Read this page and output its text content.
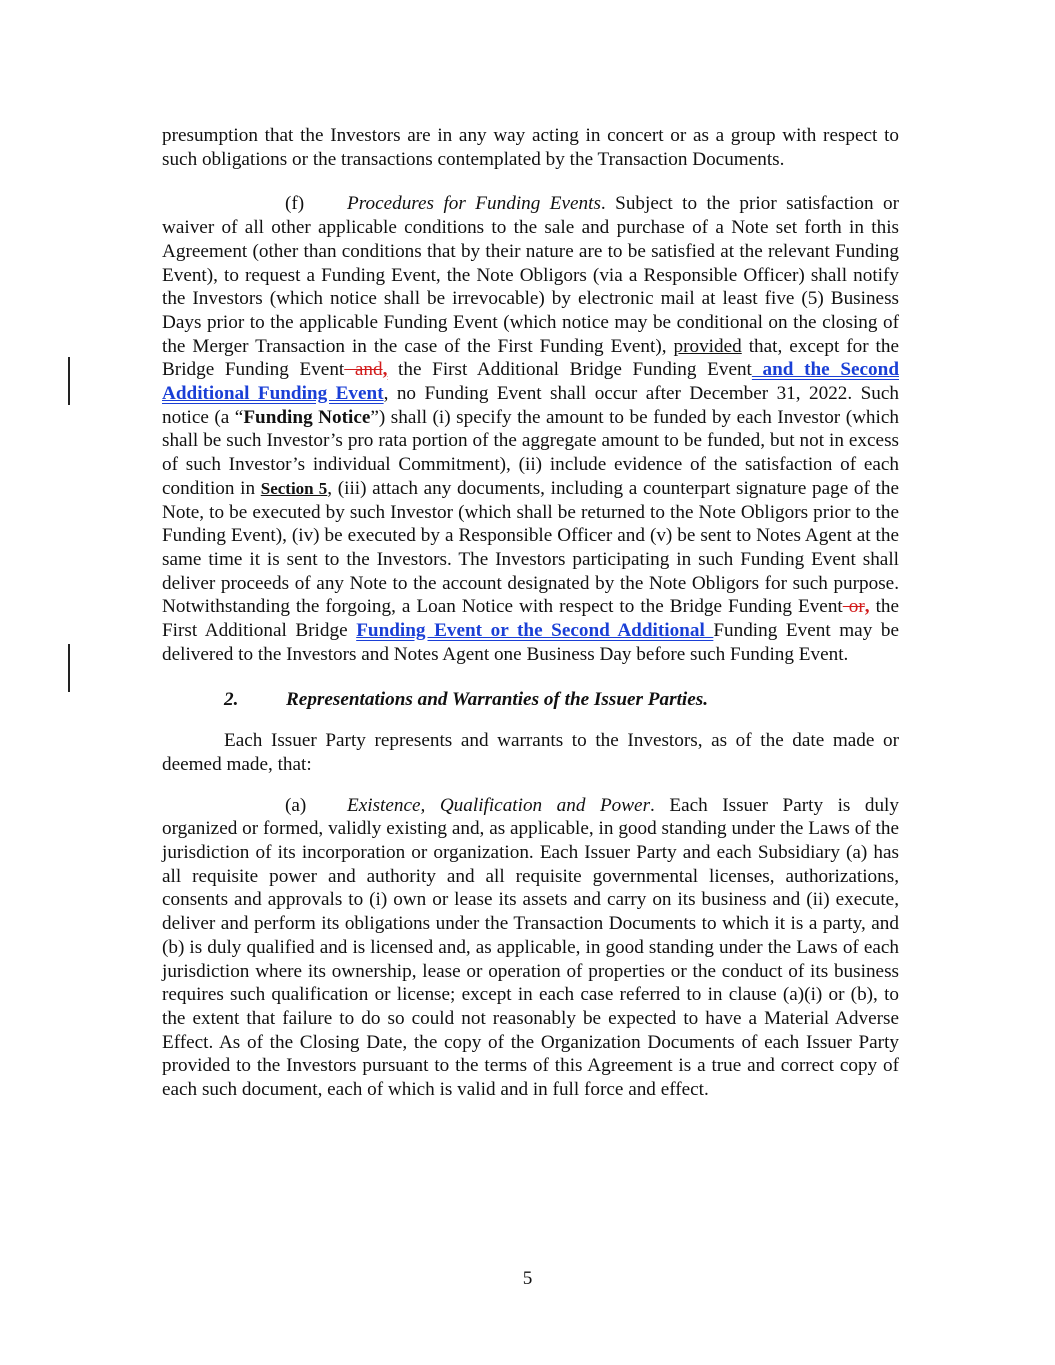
presumption that the Investors are in any way acting in concert or as a group with respect to such obligations or the transactions contemplated by the Transaction Documents.

(f) Procedures for Funding Events. Subject to the prior satisfaction or waiver of all other applicable conditions to the sale and purchase of a Note set forth in this Agreement (other than conditions that by their nature are to be satisfied at the relevant Funding Event), to request a Funding Event, the Note Obligors (via a Responsible Officer) shall notify the Investors (which notice shall be irrevocable) by electronic mail at least five (5) Business Days prior to the applicable Funding Event (which notice may be conditional on the closing of the Merger Transaction in the case of the First Funding Event), provided that, except for the Bridge Funding Event and, the First Additional Bridge Funding Event and the Second Additional Funding Event, no Funding Event shall occur after December 31, 2022. Such notice (a “Funding Notice”) shall (i) specify the amount to be funded by each Investor (which shall be such Investor’s pro rata portion of the aggregate amount to be funded, but not in excess of such Investor’s individual Commitment), (ii) include evidence of the satisfaction of each condition in Section 5, (iii) attach any documents, including a counterpart signature page of the Note, to be executed by such Investor (which shall be returned to the Note Obligors prior to the Funding Event), (iv) be executed by a Responsible Officer and (v) be sent to Notes Agent at the same time it is sent to the Investors. The Investors participating in such Funding Event shall deliver proceeds of any Note to the account designated by the Note Obligors for such purpose. Notwithstanding the forgoing, a Loan Notice with respect to the Bridge Funding Event or, the First Additional Bridge Funding Event or the Second Additional Funding Event may be delivered to the Investors and Notes Agent one Business Day before such Funding Event.

2. Representations and Warranties of the Issuer Parties.

Each Issuer Party represents and warrants to the Investors, as of the date made or deemed made, that:

(a) Existence, Qualification and Power. Each Issuer Party is duly organized or formed, validly existing and, as applicable, in good standing under the Laws of the jurisdiction of its incorporation or organization. Each Issuer Party and each Subsidiary (a) has all requisite power and authority and all requisite governmental licenses, authorizations, consents and approvals to (i) own or lease its assets and carry on its business and (ii) execute, deliver and perform its obligations under the Transaction Documents to which it is a party, and (b) is duly qualified and is licensed and, as applicable, in good standing under the Laws of each jurisdiction where its ownership, lease or operation of properties or the conduct of its business requires such qualification or license; except in each case referred to in clause (a)(i) or (b), to the extent that failure to do so could not reasonably be expected to have a Material Adverse Effect. As of the Closing Date, the copy of the Organization Documents of each Issuer Party provided to the Investors pursuant to the terms of this Agreement is a true and correct copy of each such document, each of which is valid and in full force and effect.

5
